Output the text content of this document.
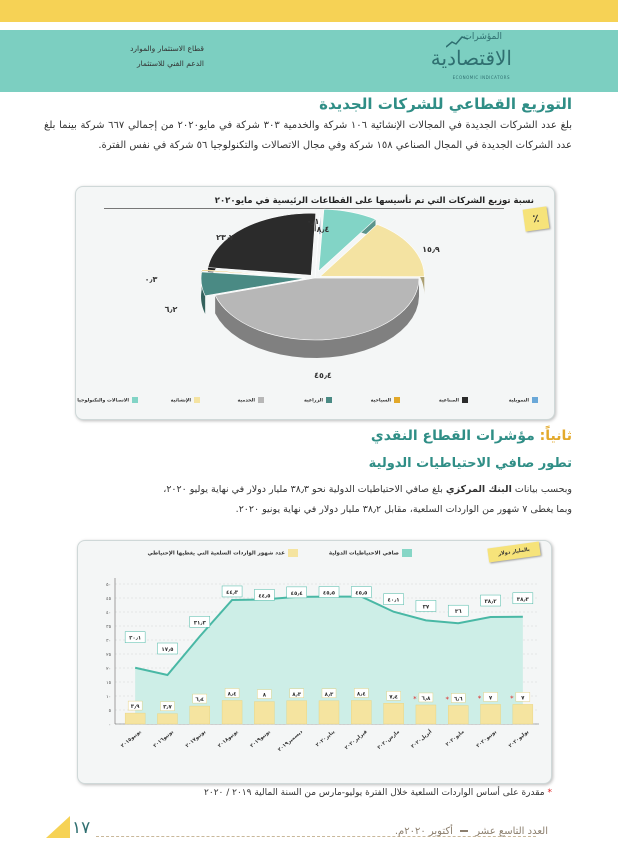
قطاع الاستثمار والموارد
الدعم الفني للاستثمار
المؤشرات
الاقتصادية
ECONOMIC INDICATORS
التوزيع القطاعي للشركات الجديدة

بلغ عدد الشركات الجديدة في المجالات الإنشائية ١٠٦ شركة والخدمية ٣٠٣ شركة في مايو٢٠٢٠ من إجمالي ٦٦٧ شركة بينما بلغ عدد الشركات الجديدة في المجال الصناعي ١٥٨ شركة وفي مجال الاتصالات والتكنولوجيا ٥٦ شركة في نفس الفترة.

نسبة توزيع الشركات التي تم تأسيسها على القطاعات الرئيسية في مايو٢٠٢٠
٪
٨٫٤
١٥٫٩
٤٥٫٤
٦٫٢
٠٫٣
٢٣٫٧
٠٫١
التمويلية
الصناعية
السياحية
الزراعية
الخدمية
الإنشائية
الاتصالات والتكنولوجيا
ثانياً: مؤشرات القطاع النقدي
تطور صافي الاحتياطيات الدولية

وبحسب بيانات البنك المركزي بلغ صافي الاحتياطيات الدولية نحو ٣٨٫٣ مليار دولار في نهاية يوليو ٢٠٢٠،

وبما يغطى ٧ شهور من الواردات السلعية، مقابل ٣٨٫٢ مليار دولار في نهاية يونيو ٢٠٢٠.

بالمليار دولار
صافي الاحتياطيات الدولية
عدد شهور الواردات السلعية التي يغطيها الإحتياطي
٠
٥
١٠
١٥
٢٠
٢٥
٣٠
٣٥
٤٠
٤٥
٥٠
٢٠٫١
١٧٫٥
٣١٫٣
٤٤٫٣
٤٤٫٥	٤٥٫٤	٤٥٫٥	٤٥٫٥
٤٠٫١
٣٧
٣٦
٣٨٫٢	٣٨٫٣
٣٫٩	٣٫٧
٦٫٤
٨٫٤	٨	٨٫٣	٨٫٣	٨٫٤	٧٫٤	٦٫٨
*	٦٫٦
*	٧
*	٧
*
يونيو٢٠١٥
يونيو٢٠١٦
يونيو٢٠١٧
يونيو٢٠١٨
يونيو٢٠١٩
ديسمبر٢٠١٩ يناير٢٠٢٠
فبراير٢٠٢٠
مارس٢٠٢٠
أبريل٢٠٢٠ مايو٢٠٢٠
يونيو٢٠٢٠
يوليو٢٠٢٠
* مقدرة على أساس الواردات السلعية خلال الفترة يوليو-مارس من السنة المالية ٢٠١٩ / ٢٠٢٠
١٧	العدد التاسع عشر  أكتوبر ٢٠٢٠م.
